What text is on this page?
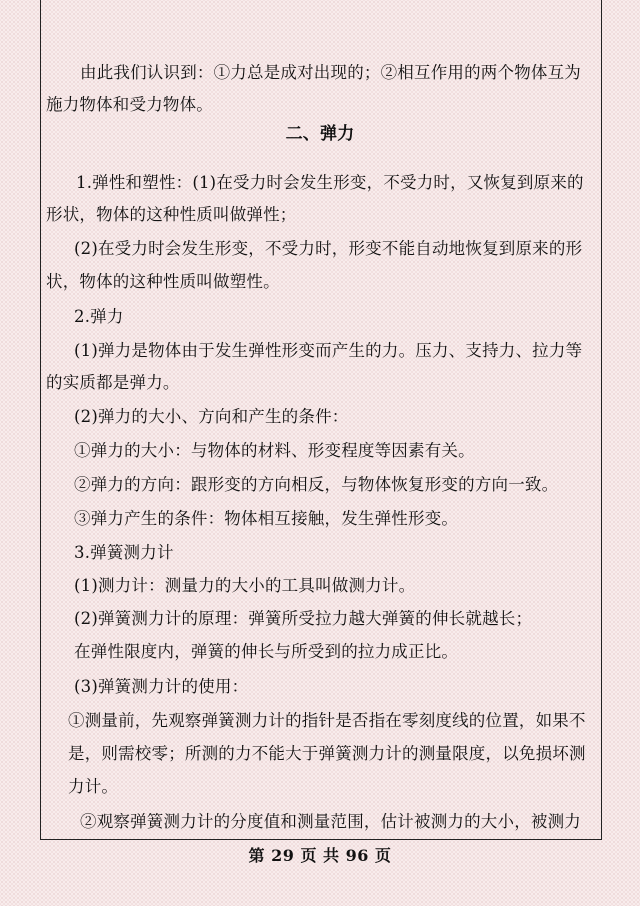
由此我们认识到：①力总是成对出现的；②相互作用的两个物体互为
施力物体和受力物体。
二、弹力
1.弹性和塑性：(1)在受力时会发生形变，不受力时，又恢复到原来的
形状，物体的这种性质叫做弹性；
(2)在受力时会发生形变，不受力时，形变不能自动地恢复到原来的形
状，物体的这种性质叫做塑性。
2.弹力
(1)弹力是物体由于发生弹性形变而产生的力。压力、支持力、拉力等
的实质都是弹力。
(2)弹力的大小、方向和产生的条件：
①弹力的大小：与物体的材料、形变程度等因素有关。
②弹力的方向：跟形变的方向相反，与物体恢复形变的方向一致。
③弹力产生的条件：物体相互接触，发生弹性形变。
3.弹簧测力计
(1)测力计：测量力的大小的工具叫做测力计。
(2)弹簧测力计的原理：弹簧所受拉力越大弹簧的伸长就越长；
在弹性限度内，弹簧的伸长与所受到的拉力成正比。
(3)弹簧测力计的使用：
①测量前，先观察弹簧测力计的指针是否指在零刻度线的位置，如果不
是，则需校零；所测的力不能大于弹簧测力计的测量限度，以免损坏测
力计。
②观察弹簧测力计的分度值和测量范围，估计被测力的大小，被测力
第 29 页 共 96 页
